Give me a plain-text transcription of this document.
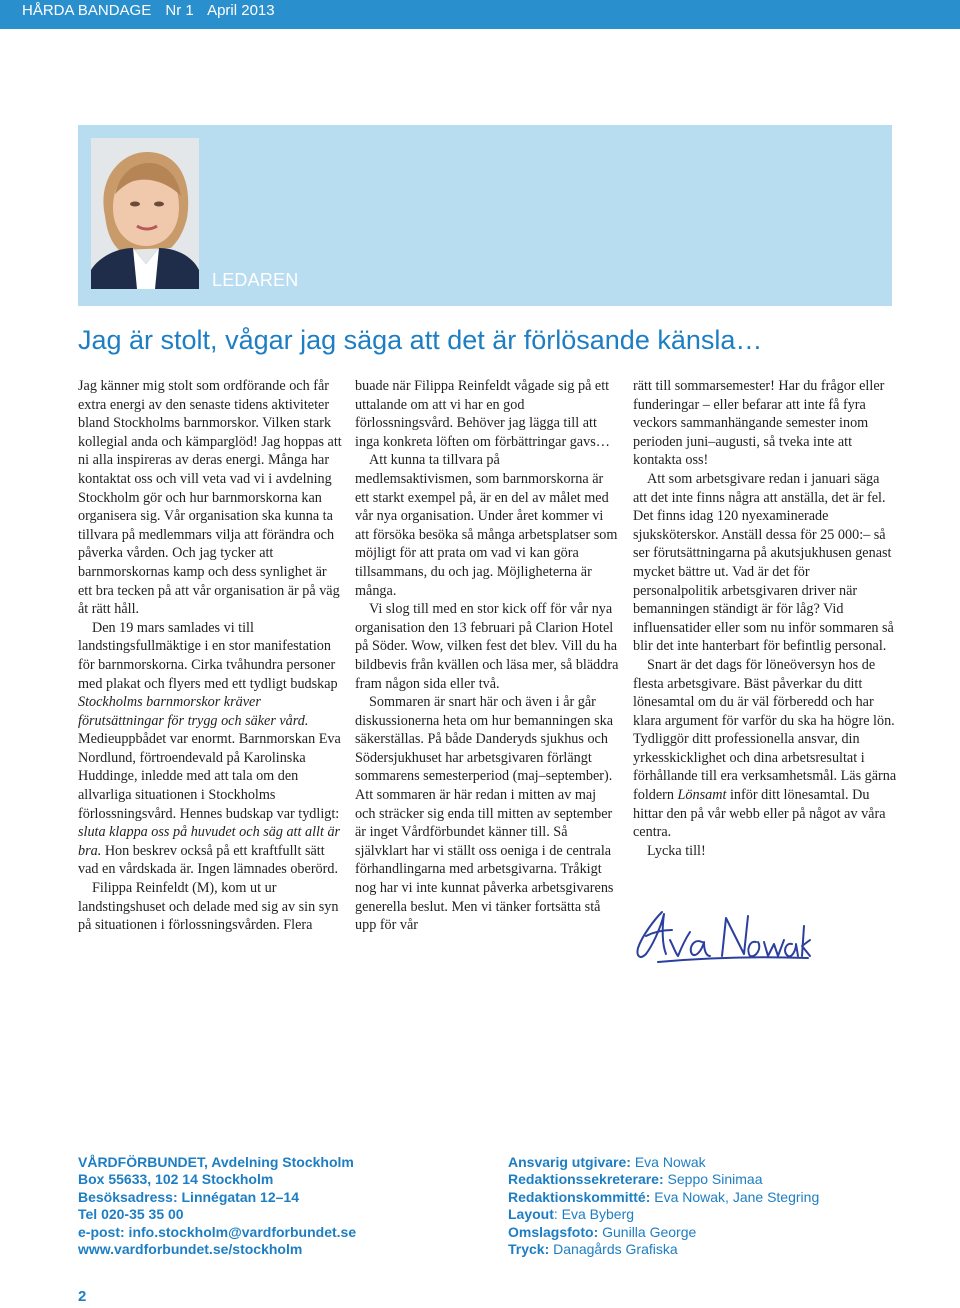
HÅRDA BANDAGE Nr 1 April 2013
LEDAREN
Jag är stolt, vågar jag säga att det är förlösande känsla…

Jag känner mig stolt som ordförande och får extra energi av den senaste tidens aktiviteter bland Stockholms barnmorskor. Vilken stark kollegial anda och kämparglöd! Jag hoppas att ni alla inspireras av deras energi. Många har kontaktat oss och vill veta vad vi i avdelning Stockholm gör och hur barnmorskorna kan organisera sig. Vår organisation ska kunna ta tillvara på medlemmars vilja att förändra och påverka vården. Och jag tycker att barnmorskornas kamp och dess synlighet är ett bra tecken på att vår organisation är på väg åt rätt håll.

Den 19 mars samlades vi till landstingsfullmäktige i en stor manifestation för barnmorskorna. Cirka tvåhundra personer med plakat och flyers med ett tydligt budskap Stockholms barnmorskor kräver förutsättningar för trygg och säker vård. Medieuppbådet var enormt. Barnmorskan Eva Nordlund, förtroendevald på Karolinska Huddinge, inledde med att tala om den allvarliga situationen i Stockholms förlossningsvård. Hennes budskap var tydligt: sluta klappa oss på huvudet och säg att allt är bra. Hon beskrev också på ett kraftfullt sätt vad en vårdskada är. Ingen lämnades oberörd.

Filippa Reinfeldt (M), kom ut ur landstingshuset och delade med sig av sin syn på situationen i förlossningsvården. Flera

buade när Filippa Reinfeldt vågade sig på ett uttalande om att vi har en god förlossningsvård. Behöver jag lägga till att inga konkreta löften om förbättringar gavs…

Att kunna ta tillvara på medlemsaktivismen, som barnmorskorna är ett starkt exempel på, är en del av målet med vår nya organisation. Under året kommer vi att försöka besöka så många arbetsplatser som möjligt för att prata om vad vi kan göra tillsammans, du och jag. Möjligheterna är många.

Vi slog till med en stor kick off för vår nya organisation den 13 februari på Clarion Hotel på Söder. Wow, vilken fest det blev. Vill du ha bildbevis från kvällen och läsa mer, så bläddra fram någon sida eller två.

Sommaren är snart här och även i år går diskussionerna heta om hur bemanningen ska säkerställas. På både Danderyds sjukhus och Södersjukhuset har arbetsgivaren förlängt sommarens semesterperiod (maj–september). Att sommaren är här redan i mitten av maj och sträcker sig enda till mitten av september är inget Vårdförbundet känner till. Så självklart har vi ställt oss oeniga i de centrala förhandlingarna med arbetsgivarna. Tråkigt nog har vi inte kunnat påverka arbetsgivarens generella beslut. Men vi tänker fortsätta stå upp för vår

rätt till sommarsemester! Har du frågor eller funderingar – eller befarar att inte få fyra veckors sammanhängande semester inom perioden juni–augusti, så tveka inte att kontakta oss!

Att som arbetsgivare redan i januari säga att det inte finns några att anställa, det är fel. Det finns idag 120 nyexaminerade sjuksköterskor. Anställ dessa för 25 000:– så ser förutsättningarna på akutsjukhusen genast mycket bättre ut. Vad är det för personalpolitik arbetsgivaren driver när bemanningen ständigt är för låg? Vid influensatider eller som nu inför sommaren så blir det inte hanterbart för befintlig personal.

Snart är det dags för löneöversyn hos de flesta arbetsgivare. Bäst påverkar du ditt lönesamtal om du är väl förberedd och har klara argument för varför du ska ha högre lön. Tydliggör ditt professionella ansvar, din yrkesskicklighet och dina arbetsresultat i förhållande till era verksamhetsmål. Läs gärna foldern Lönsamt inför ditt lönesamtal. Du hittar den på vår webb eller på något av våra centra.

Lycka till!

VÅRDFÖRBUNDET, Avdelning Stockholm
Box 55633, 102 14 Stockholm
Besöksadress: Linnégatan 12–14
Tel 020-35 35 00
e-post: info.stockholm@vardforbundet.se
www.vardforbundet.se/stockholm
Ansvarig utgivare: Eva Nowak
Redaktionssekreterare: Seppo Sinimaa
Redaktionskommitté: Eva Nowak, Jane Stegring
Layout: Eva Byberg
Omslagsfoto: Gunilla George
Tryck: Danagårds Grafiska
2
